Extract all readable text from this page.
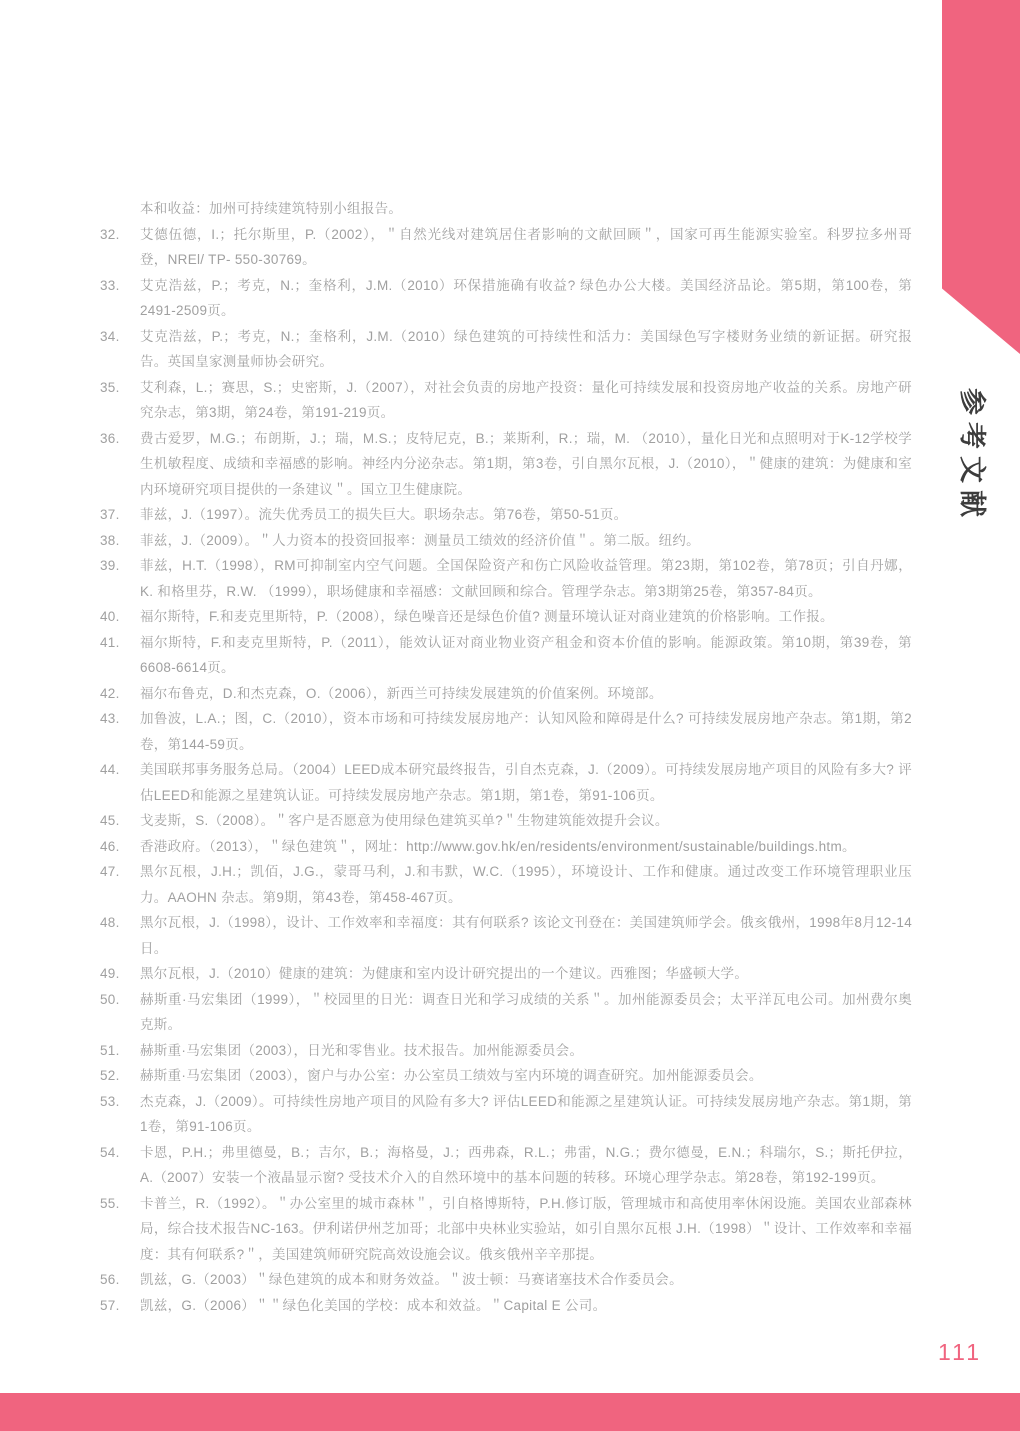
参考文献
本和收益：加州可持续建筑特别小组报告。
32.	艾德伍德，I.；托尔斯里，P.（2002），＂自然光线对建筑居住者影响的文献回顾＂，国家可再生能源实验室。科罗拉多州哥登，NREl/ TP- 550-30769。
33.	艾克浩兹，P.；考克，N.；奎格利，J.M.（2010）环保措施确有收益? 绿色办公大楼。美国经济品论。第5期，第100卷，第2491-2509页。
34.	艾克浩兹，P.；考克，N.；奎格利，J.M.（2010）绿色建筑的可持续性和活力：美国绿色写字楼财务业绩的新证据。研究报告。英国皇家测量师协会研究。
35.	艾利森，L.；赛思，S.；史密斯，J.（2007），对社会负责的房地产投资：量化可持续发展和投资房地产收益的关系。房地产研究杂志，第3期，第24卷，第191-219页。
36.	费古爱罗，M.G.；布朗斯，J.；瑞，M.S.；皮特尼克，B.；莱斯利，R.；瑞，M. （2010），量化日光和点照明对于K-12学校学生机敏程度、成绩和幸福感的影响。神经内分泌杂志。第1期，第3卷，引自黑尔瓦根，J.（2010），＂健康的建筑：为健康和室内环境研究项目提供的一条建议＂。国立卫生健康院。
37.	菲兹，J.（1997）。流失优秀员工的损失巨大。职场杂志。第76卷，第50-51页。
38.	菲兹，J.（2009）。＂人力资本的投资回报率：测量员工绩效的经济价值＂。第二版。纽约。
39.	菲兹，H.T.（1998），RM可抑制室内空气问题。全国保险资产和伤亡风险收益管理。第23期，第102卷，第78页；引自丹娜，K. 和格里芬，R.W. （1999），职场健康和幸福感：文献回顾和综合。管理学杂志。第3期第25卷，第357-84页。
40.	福尔斯特，F.和麦克里斯特，P.（2008），绿色噪音还是绿色价值? 测量环境认证对商业建筑的价格影响。工作报。
41.	福尔斯特，F.和麦克里斯特，P.（2011），能效认证对商业物业资产租金和资本价值的影响。能源政策。第10期，第39卷，第6608-6614页。
42.	福尔布鲁克，D.和杰克森，O.（2006），新西兰可持续发展建筑的价值案例。环境部。
43.	加鲁波，L.A.；图，C.（2010），资本市场和可持续发展房地产：认知风险和障碍是什么? 可持续发展房地产杂志。第1期，第2卷，第144-59页。
44.	美国联邦事务服务总局。（2004）LEED成本研究最终报告，引自杰克森，J.（2009）。可持续发展房地产项目的风险有多大? 评估LEED和能源之星建筑认证。可持续发展房地产杂志。第1期，第1卷，第91-106页。
45.	戈麦斯，S.（2008）。＂客户是否愿意为使用绿色建筑买单?＂生物建筑能效提升会议。
46.	香港政府。（2013），＂绿色建筑＂，网址：http://www.gov.hk/en/residents/environment/sustainable/buildings.htm。
47.	黑尔瓦根，J.H.；凯佰，J.G.，蒙哥马利，J.和韦默，W.C.（1995），环境设计、工作和健康。通过改变工作环境管理职业压力。AAOHN 杂志。第9期，第43卷，第458-467页。
48.	黑尔瓦根，J.（1998），设计、工作效率和幸福度：其有何联系? 该论文刊登在：美国建筑师学会。俄亥俄州，1998年8月12-14日。
49.	黑尔瓦根，J.（2010）健康的建筑：为健康和室内设计研究提出的一个建议。西雅图；华盛顿大学。
50.	赫斯重·马宏集团（1999），＂校园里的日光：调查日光和学习成绩的关系＂。加州能源委员会；太平洋瓦电公司。加州费尔奥克斯。
51.	赫斯重·马宏集团（2003），日光和零售业。技术报告。加州能源委员会。
52.	赫斯重·马宏集团（2003），窗户与办公室：办公室员工绩效与室内环境的调查研究。加州能源委员会。
53.	杰克森，J.（2009）。可持续性房地产项目的风险有多大? 评估LEED和能源之星建筑认证。可持续发展房地产杂志。第1期，第1卷，第91-106页。
54.	卡恩，P.H.；弗里德曼，B.；吉尔，B.；海格曼，J.；西弗森，R.L.；弗雷，N.G.；费尔德曼，E.N.；科瑞尔，S.；斯托伊拉，A.（2007）安装一个液晶显示窗? 受技术介入的自然环境中的基本问题的转移。环境心理学杂志。第28卷，第192-199页。
55.	卡普兰，R.（1992）。＂办公室里的城市森林＂，引自格博斯特，P.H.修订版，管理城市和高使用率休闲设施。美国农业部森林局，综合技术报告NC-163。伊利诺伊州芝加哥；北部中央林业实验站，如引自黑尔瓦根 J.H.（1998）＂设计、工作效率和幸福度：其有何联系?＂，美国建筑师研究院高效设施会议。俄亥俄州辛辛那提。
56.	凯兹，G.（2003）＂绿色建筑的成本和财务效益。＂波士顿：马赛诸塞技术合作委员会。
57.	凯兹，G.（2006）＂＂绿色化美国的学校：成本和效益。＂Capital E 公司。
111
